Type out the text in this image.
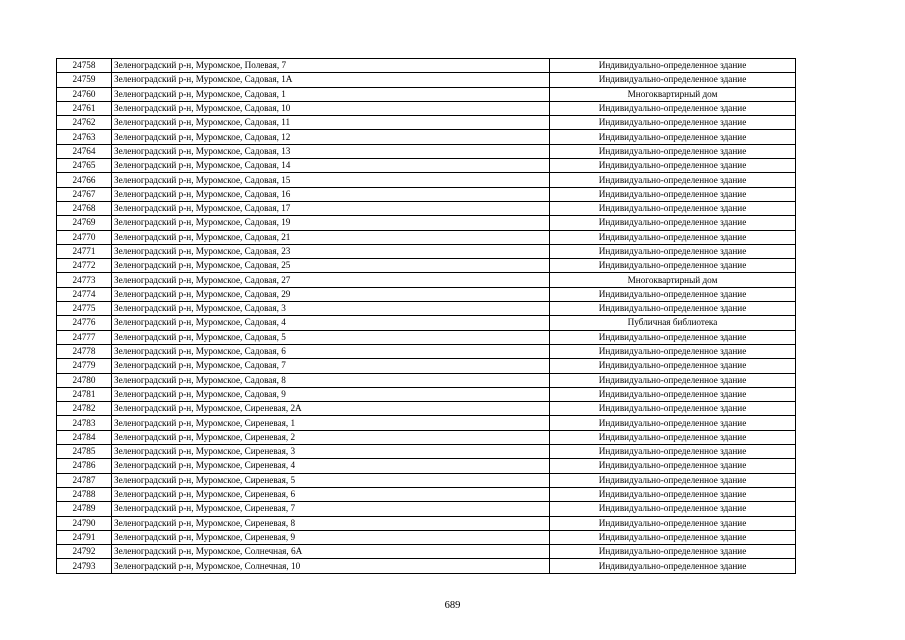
24758	Зеленоградский р-н, Муромское, Полевая, 7	Индивидуально-определенное здание
24759	Зеленоградский р-н, Муромское, Садовая, 1А	Индивидуально-определенное здание
24760	Зеленоградский р-н, Муромское, Садовая, 1	Многоквартирный дом
24761	Зеленоградский р-н, Муромское, Садовая, 10	Индивидуально-определенное здание
24762	Зеленоградский р-н, Муромское, Садовая, 11	Индивидуально-определенное здание
24763	Зеленоградский р-н, Муромское, Садовая, 12	Индивидуально-определенное здание
24764	Зеленоградский р-н, Муромское, Садовая, 13	Индивидуально-определенное здание
24765	Зеленоградский р-н, Муромское, Садовая, 14	Индивидуально-определенное здание
24766	Зеленоградский р-н, Муромское, Садовая, 15	Индивидуально-определенное здание
24767	Зеленоградский р-н, Муромское, Садовая, 16	Индивидуально-определенное здание
24768	Зеленоградский р-н, Муромское, Садовая, 17	Индивидуально-определенное здание
24769	Зеленоградский р-н, Муромское, Садовая, 19	Индивидуально-определенное здание
24770	Зеленоградский р-н, Муромское, Садовая, 21	Индивидуально-определенное здание
24771	Зеленоградский р-н, Муромское, Садовая, 23	Индивидуально-определенное здание
24772	Зеленоградский р-н, Муромское, Садовая, 25	Индивидуально-определенное здание
24773	Зеленоградский р-н, Муромское, Садовая, 27	Многоквартирный дом
24774	Зеленоградский р-н, Муромское, Садовая, 29	Индивидуально-определенное здание
24775	Зеленоградский р-н, Муромское, Садовая, 3	Индивидуально-определенное здание
24776	Зеленоградский р-н, Муромское, Садовая, 4	Публичная библиотека
24777	Зеленоградский р-н, Муромское, Садовая, 5	Индивидуально-определенное здание
24778	Зеленоградский р-н, Муромское, Садовая, 6	Индивидуально-определенное здание
24779	Зеленоградский р-н, Муромское, Садовая, 7	Индивидуально-определенное здание
24780	Зеленоградский р-н, Муромское, Садовая, 8	Индивидуально-определенное здание
24781	Зеленоградский р-н, Муромское, Садовая, 9	Индивидуально-определенное здание
24782	Зеленоградский р-н, Муромское, Сиреневая, 2А	Индивидуально-определенное здание
24783	Зеленоградский р-н, Муромское, Сиреневая, 1	Индивидуально-определенное здание
24784	Зеленоградский р-н, Муромское, Сиреневая, 2	Индивидуально-определенное здание
24785	Зеленоградский р-н, Муромское, Сиреневая, 3	Индивидуально-определенное здание
24786	Зеленоградский р-н, Муромское, Сиреневая, 4	Индивидуально-определенное здание
24787	Зеленоградский р-н, Муромское, Сиреневая, 5	Индивидуально-определенное здание
24788	Зеленоградский р-н, Муромское, Сиреневая, 6	Индивидуально-определенное здание
24789	Зеленоградский р-н, Муромское, Сиреневая, 7	Индивидуально-определенное здание
24790	Зеленоградский р-н, Муромское, Сиреневая, 8	Индивидуально-определенное здание
24791	Зеленоградский р-н, Муромское, Сиреневая, 9	Индивидуально-определенное здание
24792	Зеленоградский р-н, Муромское, Солнечная, 6А	Индивидуально-определенное здание
24793	Зеленоградский р-н, Муромское, Солнечная, 10	Индивидуально-определенное здание
689
